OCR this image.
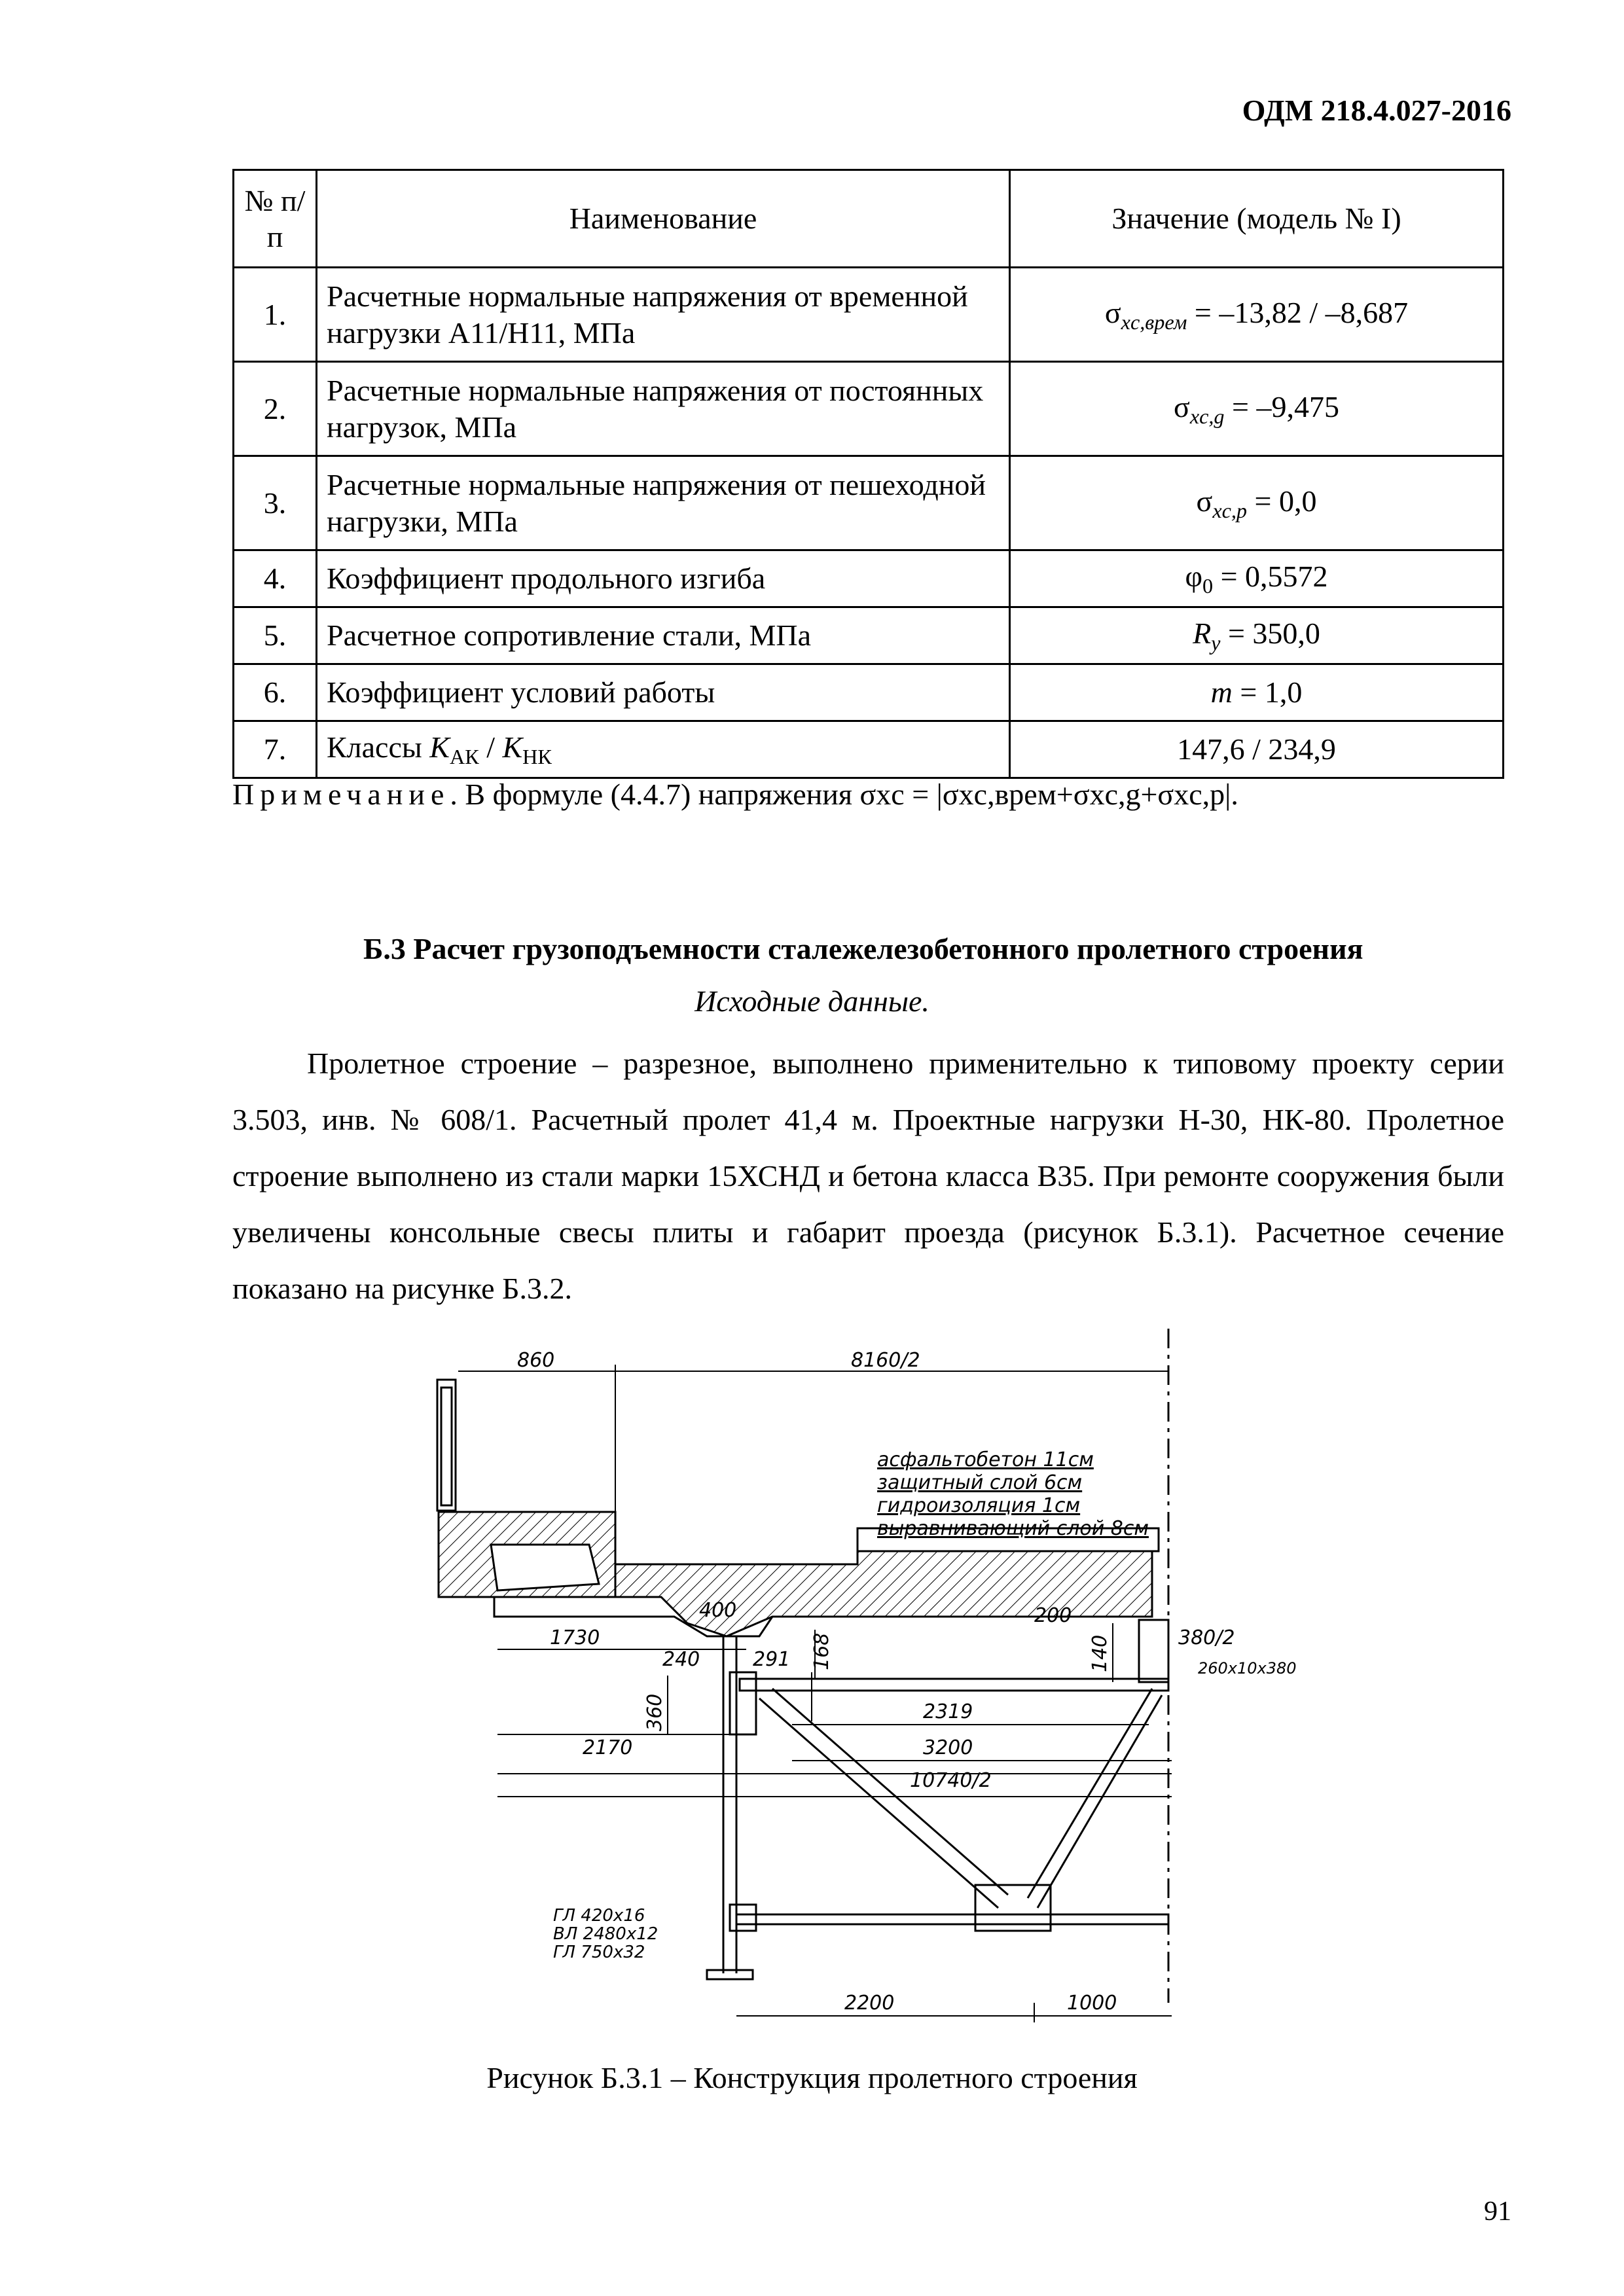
ОДМ 218.4.027-2016
№ п/п	Наименование	Значение (модель № I)
1.	Расчетные нормальные напряжения от временной нагрузки А11/Н11, МПа	$\sigma_{xc,врем} = -13,82 / -8,687$
2.	Расчетные нормальные напряжения от постоянных нагрузок, МПа	$\sigma_{xc,g} = -9,475$
3.	Расчетные нормальные напряжения от пешеходной нагрузки, МПа	$\sigma_{xc,p} = 0,0$
4.	Коэффициент продольного изгиба	$\varphi_0 = 0,5572$
5.	Расчетное сопротивление стали, МПа	$R_y = 350,0$
6.	Коэффициент условий работы	m = 1,0
7.	Классы $K_{АК} / K_{НК}$	147,6 / 234,9
Примечание. В формуле (4.4.7) напряжения σxc = |σxc,врем+σxc,g+σxc,p|.
Б.3 Расчет грузоподъемности сталежелезобетонного пролетного строения
Исходные данные.

Пролетное строение – разрезное, выполнено применительно к типовому проекту серии 3.503, инв. № 608/1. Расчетный пролет 41,4 м. Проектные нагрузки Н-30, НК-80. Пролетное строение выполнено из стали марки 15ХСНД и бетона класса В35. При ремонте сооружения были увеличены консольные свесы плиты и габарит проезда (рисунок Б.3.1). Расчетное сечение показано на рисунке Б.3.2.

860	8160/2
400
1730
240	291 168
200
140	380/2
260x10x380
360	2319
2170	3200
10740/2
2200	1000
асфальтобетон 11см
защитный слой 6см
гидроизоляция 1см
выравнивающий слой 8см
ГЛ 420x16
ВЛ 2480x12
ГЛ 750x32
Рисунок Б.3.1 – Конструкция пролетного строения
91
